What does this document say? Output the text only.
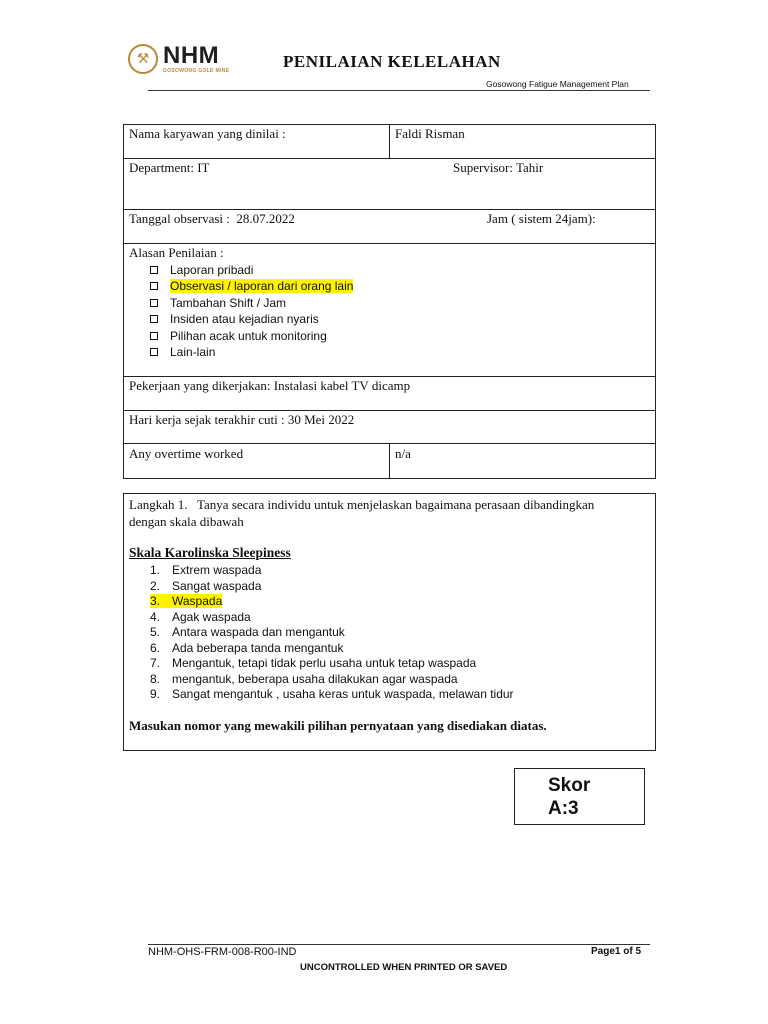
⚒ NHM
GOSOWONG GOLD MINE	PENILAIAN KELELAHAN
Gosowong Fatigue Management Plan
Nama karyawan yang dinilai :	Faldi Risman
Department: IT	Supervisor: Tahir
Tanggal observasi :  28.07.2022	Jam ( sistem 24jam):
Alasan Penilaian :
Laporan pribadi
Observasi / laporan dari orang lain
Tambahan Shift / Jam
Insiden atau kejadian nyaris
Pilihan acak untuk monitoring
Lain-lain
Pekerjaan yang dikerjakan: Instalasi kabel TV dicamp
Hari kerja sejak terakhir cuti : 30 Mei 2022
Any overtime worked	n/a
Langkah 1.   Tanya secara individu untuk menjelaskan bagaimana perasaan dibandingkan
dengan skala dibawah
Skala Karolinska Sleepiness
1. Extrem waspada
2. Sangat waspada
3. Waspada
4. Agak waspada
5. Antara waspada dan mengantuk
6. Ada beberapa tanda mengantuk
7. Mengantuk, tetapi tidak perlu usaha untuk tetap waspada
8. mengantuk, beberapa usaha dilakukan agar waspada
9. Sangat mengantuk , usaha keras untuk waspada, melawan tidur
Masukan nomor yang mewakili pilihan pernyataan yang disediakan diatas.
Skor
A:3
NHM-OHS-FRM-008-R00-IND	Page1 of 5
UNCONTROLLED WHEN PRINTED OR SAVED
